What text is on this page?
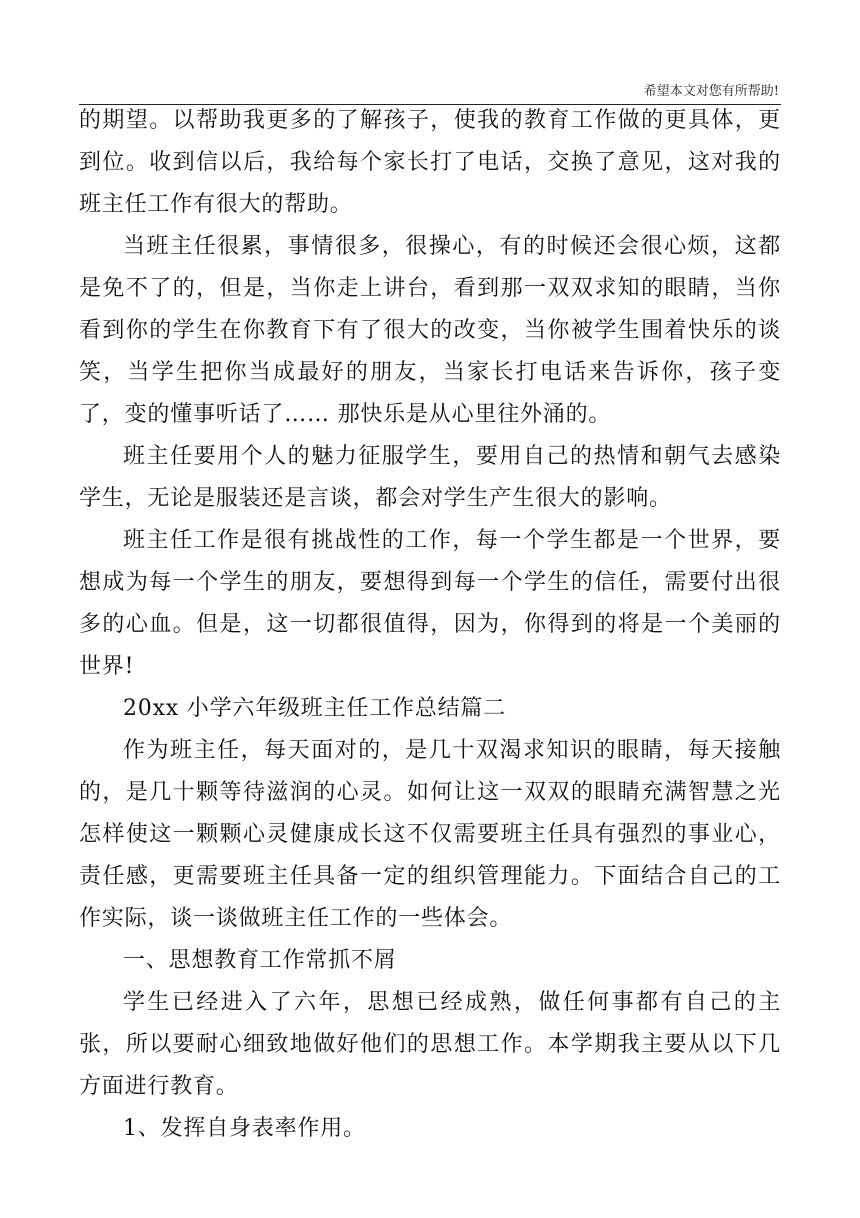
希望本文对您有所帮助!

的期望。以帮助我更多的了解孩子，使我的教育工作做的更具体，更到位。收到信以后，我给每个家长打了电话，交换了意见，这对我的班主任工作有很大的帮助。

当班主任很累，事情很多，很操心，有的时候还会很心烦，这都是免不了的，但是，当你走上讲台，看到那一双双求知的眼睛，当你看到你的学生在你教育下有了很大的改变，当你被学生围着快乐的谈笑，当学生把你当成最好的朋友，当家长打电话来告诉你，孩子变了，变的懂事听话了…… 那快乐是从心里往外涌的。

班主任要用个人的魅力征服学生，要用自己的热情和朝气去感染学生，无论是服装还是言谈，都会对学生产生很大的影响。

班主任工作是很有挑战性的工作，每一个学生都是一个世界，要想成为每一个学生的朋友，要想得到每一个学生的信任，需要付出很多的心血。但是，这一切都很值得，因为，你得到的将是一个美丽的世界!

20xx 小学六年级班主任工作总结篇二

作为班主任，每天面对的，是几十双渴求知识的眼睛，每天接触的，是几十颗等待滋润的心灵。如何让这一双双的眼睛充满智慧之光怎样使这一颗颗心灵健康成长这不仅需要班主任具有强烈的事业心，责任感，更需要班主任具备一定的组织管理能力。下面结合自己的工作实际，谈一谈做班主任工作的一些体会。

一、思想教育工作常抓不屑

学生已经进入了六年，思想已经成熟，做任何事都有自己的主张，所以要耐心细致地做好他们的思想工作。本学期我主要从以下几方面进行教育。

1、发挥自身表率作用。
